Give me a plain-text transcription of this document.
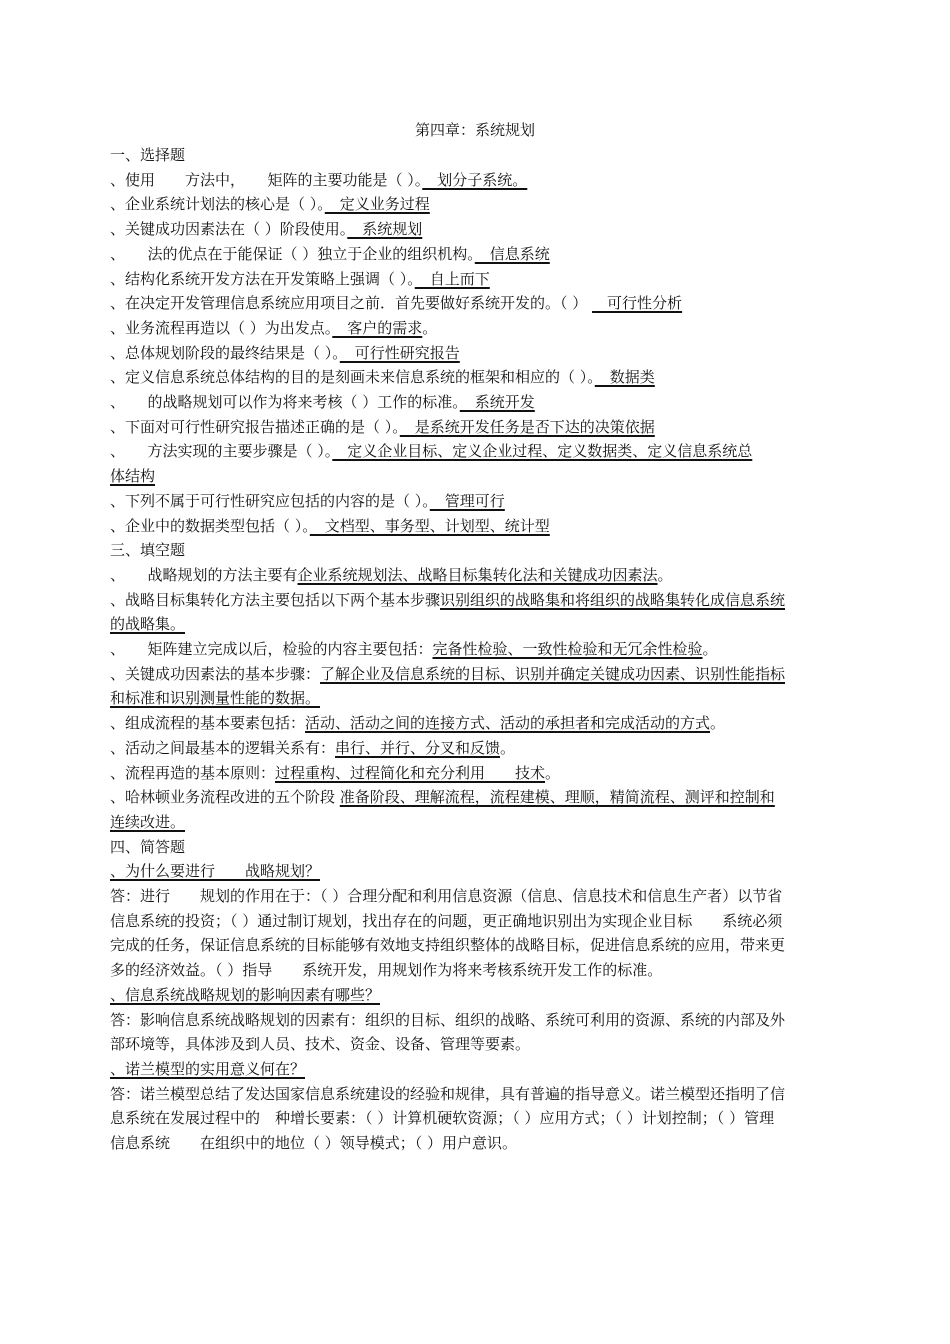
第四章：系统规划
一、选择题
、使用　　方法中，　　矩阵的主要功能是（ ）。　划分子系统。
、企业系统计划法的核心是（ ）。　定义业务过程
、关键成功因素法在（ ）阶段使用。　系统规划
、　　法的优点在于能保证（ ）独立于企业的组织机构。　信息系统
、结构化系统开发方法在开发策略上强调（ ）。　自上而下
、在决定开发管理信息系统应用项目之前．首先要做好系统开发的。（ ） 　可行性分析
、业务流程再造以（ ）为出发点。　客户的需求。
、总体规划阶段的最终结果是（ ）。　可行性研究报告
、定义信息系统总体结构的目的是刻画未来信息系统的框架和相应的（ ）。　数据类
、　　的战略规划可以作为将来考核（ ）工作的标准。　系统开发
、下面对可行性研究报告描述正确的是（ ）。　是系统开发任务是否下达的决策依据
、　　方法实现的主要步骤是（ ）。　定义企业目标、定义企业过程、定义数据类、定义信息系统总
体结构
、下列不属于可行性研究应包括的内容的是（ ）。　管理可行
、企业中的数据类型包括（ ）。　文档型、事务型、计划型、统计型
三、填空题
、　　战略规划的方法主要有企业系统规划法、战略目标集转化法和关键成功因素法。
、战略目标集转化方法主要包括以下两个基本步骤识别组织的战略集和将组织的战略集转化成信息系统
的战略集。
、　　矩阵建立完成以后，检验的内容主要包括：完备性检验、一致性检验和无冗余性检验。
、关键成功因素法的基本步骤：了解企业及信息系统的目标、识别并确定关键成功因素、识别性能指标
和标准和识别测量性能的数据。
、组成流程的基本要素包括：活动、活动之间的连接方式、活动的承担者和完成活动的方式。
、活动之间最基本的逻辑关系有：串行、并行、分叉和反馈。
、流程再造的基本原则：过程重构、过程简化和充分利用　　技术。
、哈林顿业务流程改进的五个阶段 准备阶段、理解流程，流程建模、理顺，精简流程、测评和控制和
连续改进。
四、简答题
、为什么要进行　　战略规划？
答：进行　　规划的作用在于：（ ）合理分配和利用信息资源（信息、信息技术和信息生产者）以节省
信息系统的投资；（ ）通过制订规划，找出存在的问题，更正确地识别出为实现企业目标　　系统必须
完成的任务，保证信息系统的目标能够有效地支持组织整体的战略目标，促进信息系统的应用，带来更
多的经济效益。（ ）指导　　系统开发，用规划作为将来考核系统开发工作的标准。
、信息系统战略规划的影响因素有哪些？
答：影响信息系统战略规划的因素有：组织的目标、组织的战略、系统可利用的资源、系统的内部及外
部环境等，具体涉及到人员、技术、资金、设备、管理等要素。
、诺兰模型的实用意义何在？
答：诺兰模型总结了发达国家信息系统建设的经验和规律，具有普遍的指导意义。诺兰模型还指明了信
息系统在发展过程中的　种增长要素：（ ）计算机硬软资源；（ ）应用方式；（ ）计划控制；（ ）管理
信息系统　　在组织中的地位（ ）领导模式；（ ）用户意识。
